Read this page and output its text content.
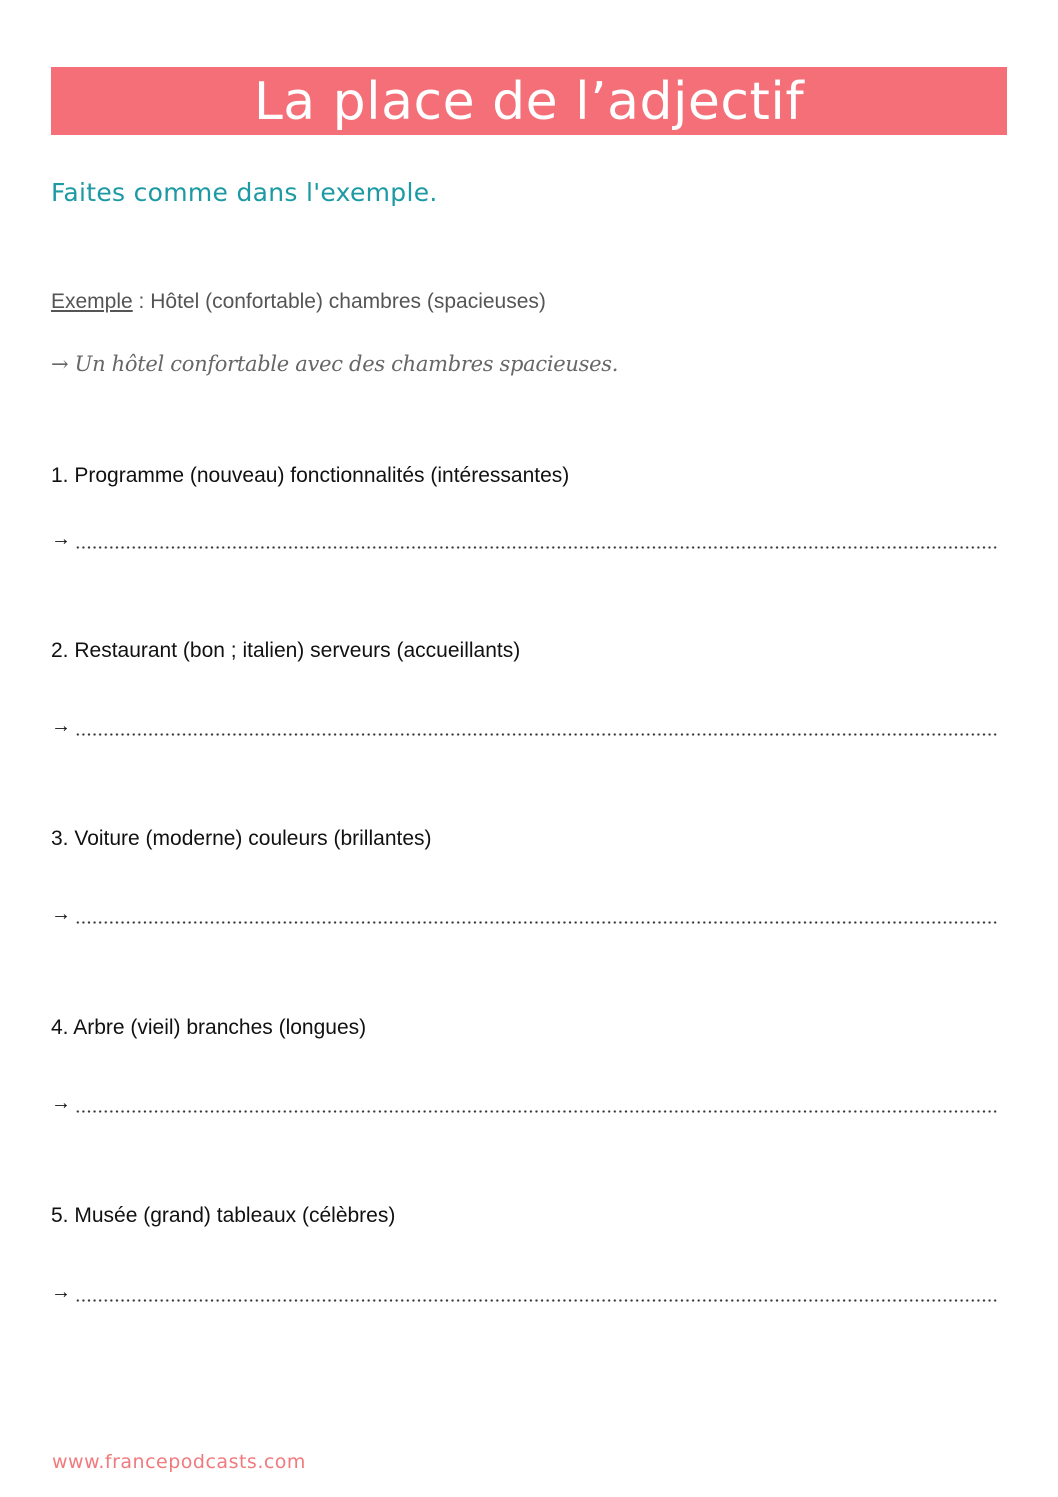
La place de l’adjectif
Faites comme dans l'exemple.
Exemple : Hôtel (confortable) chambres (spacieuses)
→ Un hôtel confortable avec des chambres spacieuses.
1. Programme (nouveau) fonctionnalités (intéressantes)
→
2. Restaurant (bon ; italien) serveurs (accueillants)
→
3. Voiture (moderne) couleurs (brillantes)
→
4. Arbre (vieil) branches (longues)
→
5. Musée (grand) tableaux (célèbres)
→
www.francepodcasts.com
